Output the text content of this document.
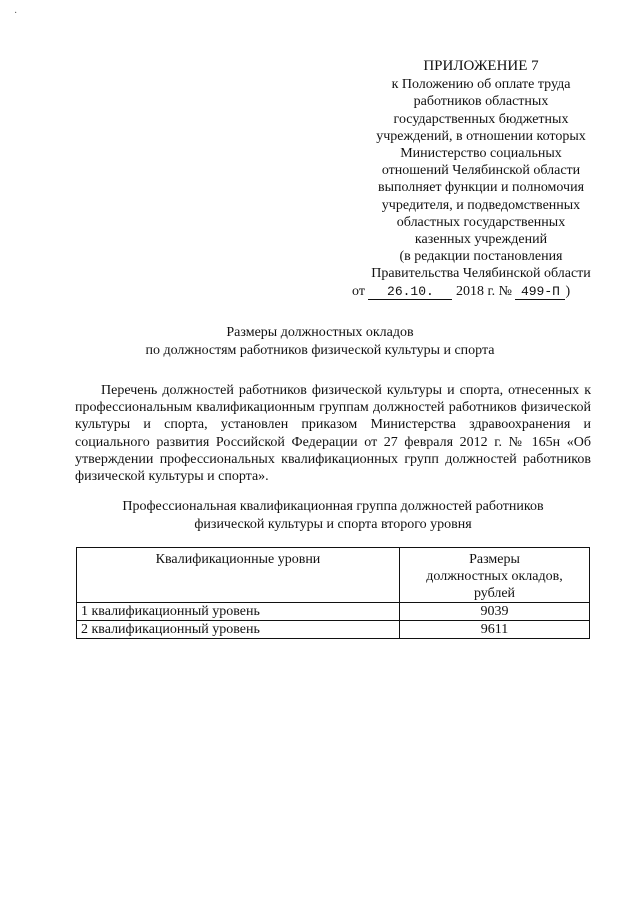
·
ПРИЛОЖЕНИЕ 7
к Положению об оплате труда
работников областных
государственных бюджетных
учреждений, в отношении которых
Министерство социальных
отношений Челябинской области
выполняет функции и полномочия
учредителя, и подведомственных
областных государственных
казенных учреждений
(в редакции постановления
Правительства Челябинской области
от 26.10. 2018 г. № 499-П )
Размеры должностных окладов
по должностям работников физической культуры и спорта
Перечень должностей работников физической культуры и спорта, отнесенных к профессиональным квалификационным группам должностей работников физической культуры и спорта, установлен приказом Министерства здравоохранения и социального развития Российской Федерации от 27 февраля 2012 г. № 165н «Об утверждении профессиональных квалификационных групп должностей работников физической культуры и спорта».
Профессиональная квалификационная группа должностей работников
физической культуры и спорта второго уровня
Квалификационные уровни	Размеры
должностных окладов,
рублей

1 квалификационный уровень	9039
2 квалификационный уровень	9611
